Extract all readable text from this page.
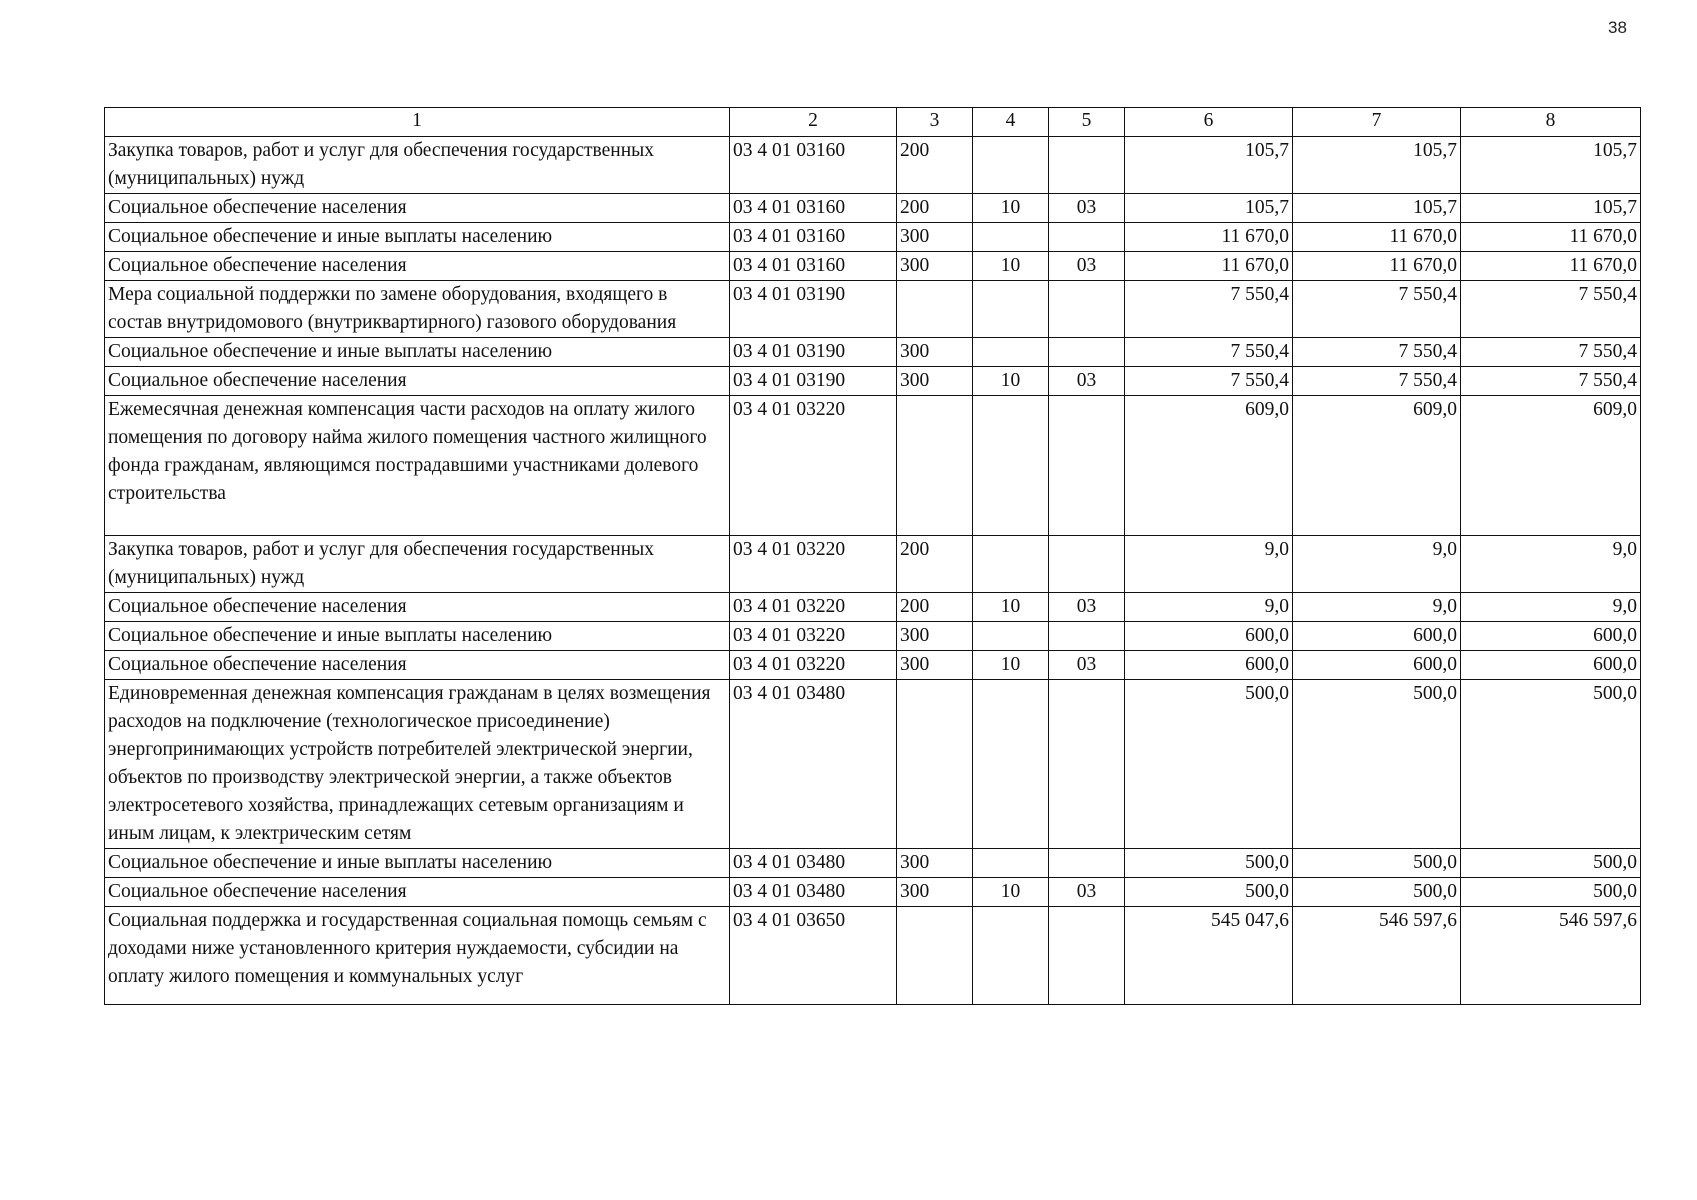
38
1	2	3	4	5	6	7	8
Закупка товаров, работ и услуг для обеспечения государственных (муниципальных) нужд	03 4 01 03160	200			105,7	105,7	105,7
Социальное обеспечение населения	03 4 01 03160	200	10	03	105,7	105,7	105,7
Социальное обеспечение и иные выплаты населению	03 4 01 03160	300			11 670,0	11 670,0	11 670,0
Социальное обеспечение населения	03 4 01 03160	300	10	03	11 670,0	11 670,0	11 670,0
Мера социальной поддержки по замене оборудования, входящего в состав внутридомового (внутриквартирного) газового оборудования	03 4 01 03190				7 550,4	7 550,4	7 550,4
Социальное обеспечение и иные выплаты населению	03 4 01 03190	300			7 550,4	7 550,4	7 550,4
Социальное обеспечение населения	03 4 01 03190	300	10	03	7 550,4	7 550,4	7 550,4
Ежемесячная денежная компенсация части расходов на оплату жилого помещения по договору найма жилого помещения частного жилищного фонда гражданам, являющимся пострадавшими участниками долевого строительства	03 4 01 03220				609,0	609,0	609,0
Закупка товаров, работ и услуг для обеспечения государственных (муниципальных) нужд	03 4 01 03220	200			9,0	9,0	9,0
Социальное обеспечение населения	03 4 01 03220	200	10	03	9,0	9,0	9,0
Социальное обеспечение и иные выплаты населению	03 4 01 03220	300			600,0	600,0	600,0
Социальное обеспечение населения	03 4 01 03220	300	10	03	600,0	600,0	600,0
Единовременная денежная компенсация гражданам в целях возмещения расходов на подключение (технологическое присоединение) энергопринимающих устройств потребителей электрической энергии, объектов по производству электрической энергии, а также объектов электросетевого хозяйства, принадлежащих сетевым организациям и иным лицам, к электрическим сетям	03 4 01 03480				500,0	500,0	500,0
Социальное обеспечение и иные выплаты населению	03 4 01 03480	300			500,0	500,0	500,0
Социальное обеспечение населения	03 4 01 03480	300	10	03	500,0	500,0	500,0
Социальная поддержка и государственная социальная помощь семьям с доходами ниже установленного критерия нуждаемости, субсидии на оплату жилого помещения и коммунальных услуг	03 4 01 03650				545 047,6	546 597,6	546 597,6
